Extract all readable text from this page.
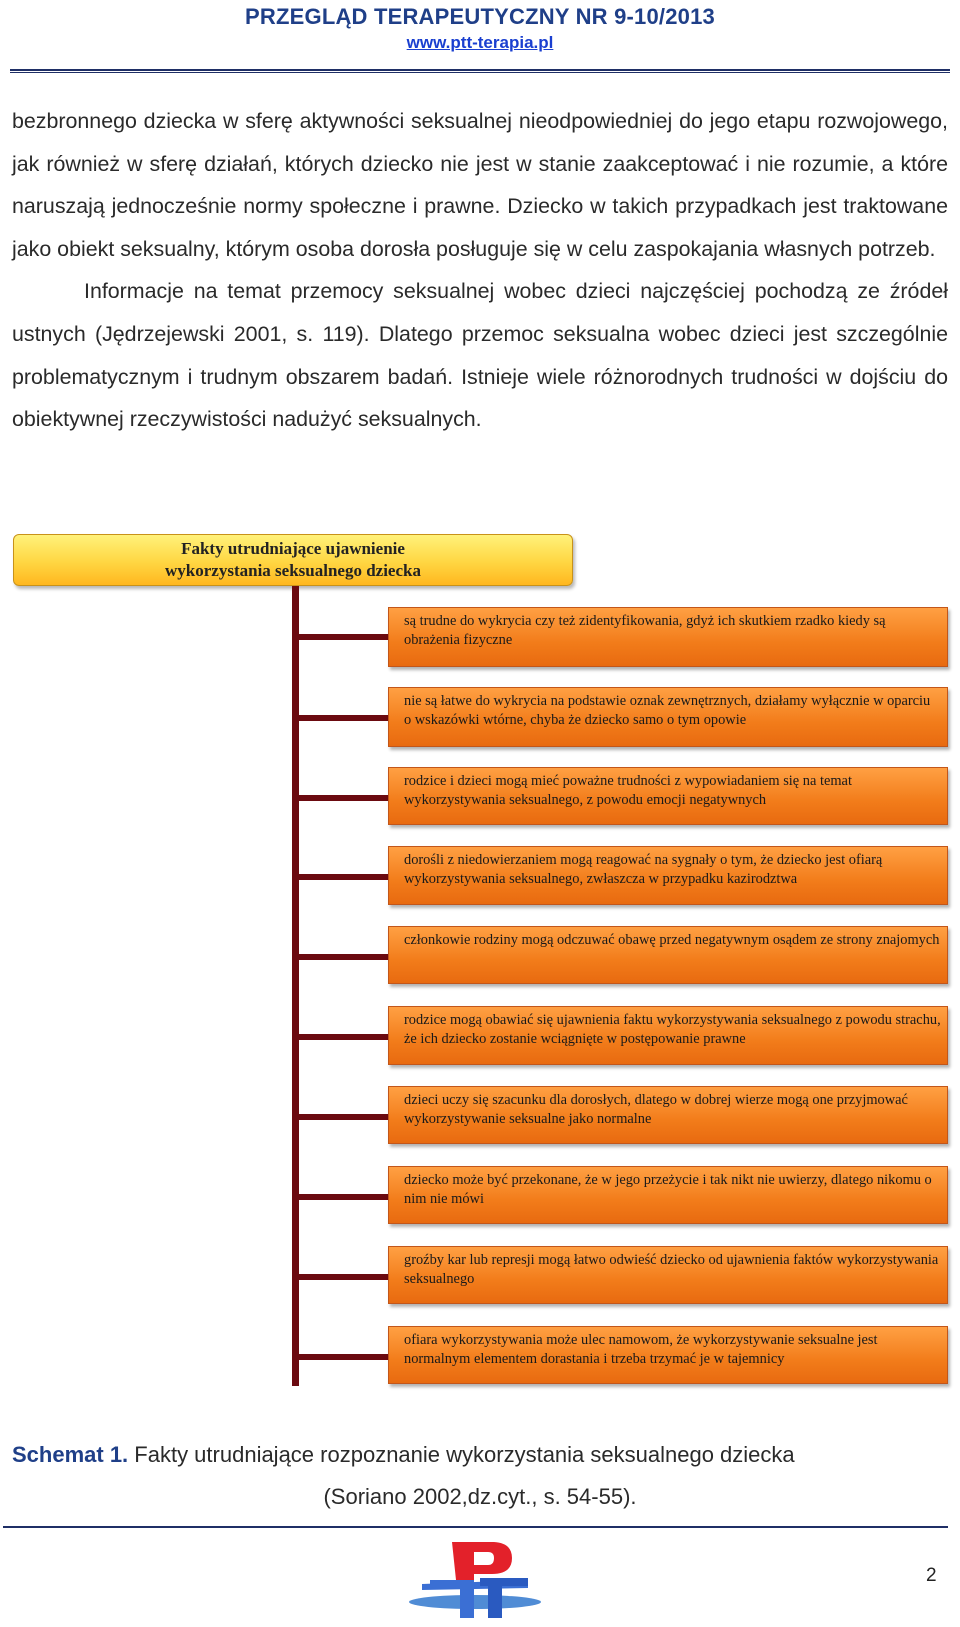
PRZEGLĄD TERAPEUTYCZNY NR 9-10/2013
www.ptt-terapia.pl

bezbronnego dziecka w sferę aktywności seksualnej nieodpowiedniej do jego etapu rozwojowego, jak również w sferę działań, których dziecko nie jest w stanie zaakceptować i nie rozumie, a które naruszają jednocześnie normy społeczne i prawne. Dziecko w takich przypadkach jest traktowane jako obiekt seksualny, którym osoba dorosła posługuje się w celu zaspokajania własnych potrzeb.

Informacje na temat przemocy seksualnej wobec dzieci najczęściej pochodzą ze źródeł ustnych (Jędrzejewski 2001, s. 119). Dlatego przemoc seksualna wobec dzieci jest szczególnie problematycznym i trudnym obszarem badań. Istnieje wiele różnorodnych trudności w dojściu do obiektywnej rzeczywistości nadużyć seksualnych.

Fakty utrudniające ujawnienie
wykorzystania seksualnego dziecka
są trudne do wykrycia czy też zidentyfikowania, gdyż ich skutkiem rzadko kiedy są obrażenia fizyczne
nie są łatwe do wykrycia na podstawie oznak zewnętrznych, działamy wyłącznie w oparciu o wskazówki wtórne, chyba że dziecko samo o tym opowie
rodzice i dzieci mogą mieć poważne trudności z wypowiadaniem się na temat wykorzystywania seksualnego, z powodu emocji negatywnych
dorośli z niedowierzaniem mogą reagować na sygnały o tym, że dziecko jest ofiarą wykorzystywania seksualnego, zwłaszcza w przypadku kazirodztwa
członkowie rodziny mogą odczuwać obawę przed negatywnym osądem ze strony znajomych
rodzice mogą obawiać się ujawnienia faktu wykorzystywania seksualnego z powodu strachu, że ich dziecko zostanie wciągnięte w postępowanie prawne
dzieci uczy się szacunku dla dorosłych, dlatego w dobrej wierze mogą one przyjmować wykorzystywanie seksualne jako normalne
dziecko może być przekonane, że w jego przeżycie i tak nikt nie uwierzy, dlatego nikomu o nim nie mówi
groźby kar lub represji mogą łatwo odwieść dziecko od ujawnienia faktów wykorzystywania seksualnego
ofiara wykorzystywania może ulec namowom, że wykorzystywanie seksualne jest normalnym elementem dorastania i trzeba trzymać je w tajemnicy
Schemat 1. Fakty utrudniające rozpoznanie wykorzystania seksualnego dziecka
(Soriano 2002,dz.cyt., s. 54-55).
2
